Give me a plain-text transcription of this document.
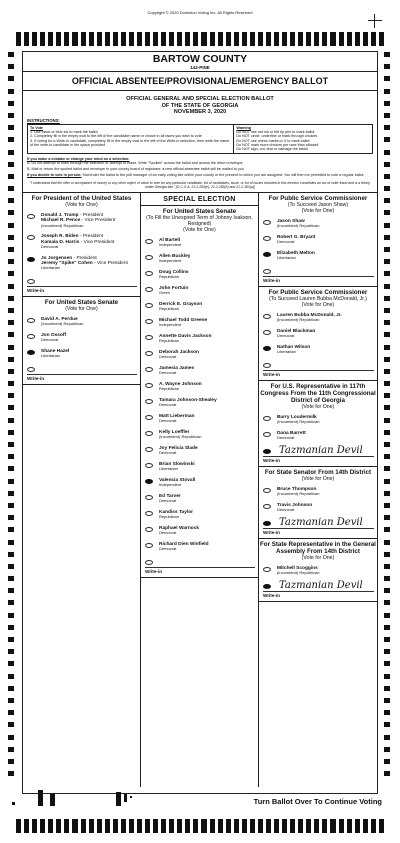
Copyright © 2020 Dominion Voting Inc. All Rights Reserved
BARTOW COUNTY
142-PINE
OFFICIAL ABSENTEE/PROVISIONAL/EMERGENCY BALLOT
OFFICIAL GENERAL AND SPECIAL ELECTION BALLOT
OF THE STATE OF GEORGIA
NOVEMBER 3, 2020
INSTRUCTIONS:
To Vote
1. Use black or blue ink to mark the ballot
2. Completely fill in the empty oval to the left of the candidate name or choice in all races you wish to vote
3. If voting for a Write-in candidate, completely fill in the empty oval to the left of the Write-in selection, then write the name of the write-in candidate in the space provided
Warning
Do NOT use red ink or felt tip pen to mark ballot
Do NOT circle, underline or mark through choices
Do NOT use check marks or X to mark ballot
Do NOT mark more choices per race than allowed
Do NOT sign, cut, tear or damage the ballot
If you make a mistake or change your mind on a selection:
A. Do not attempt to mark through the selection or attempt to erase. Write "Spoiled" across the ballot and across the return envelope
B. Mail or return the spoiled ballot and envelope to your county board of registrars; a new official absentee ballot will be mailed to you
If you decide to vote in person: Surrender the ballot to the poll manager of an early voting site within your county or the precinct to which you are assigned. You will then be permitted to vote a regular ballot
"I understand that the offer or acceptance of money or any other object of value to vote for any particular candidate, list of candidates, issue, or list of issues included in this election constitutes an act of voter fraud and is a felony under Georgia law." [O.C.G.A. 21-2-284(e), 21-2-285(h) and 21-2-383(a)]
For President of the United States
(Vote for One)
Donald J. Trump - President
Michael R. Pence - Vice President
(Incumbent) Republican
Joseph R. Biden - President
Kamala D. Harris - Vice President
Democrat
Jo Jorgensen - President
Jeremy "Spike" Cohen - Vice President
Libertarian
Write-in
For United States Senate
(Vote for One)
David A. Perdue
(Incumbent) Republican
Jon Ossoff
Democrat
Shane Hazel
Libertarian
Write-in
SPECIAL ELECTION
For United States Senate
(To Fill the Unexpired Term of Johnny Isakson, Resigned)
(Vote for One)
Al Bartell
Independent
Allen Buckley
Independent
Doug Collins
Republican
John Fortuin
Green
Derrick E. Grayson
Republican
Michael Todd Greene
Independent
Annette Davis Jackson
Republican
Deborah Jackson
Democrat
Jamesia James
Democrat
A. Wayne Johnson
Republican
Tamara Johnson-Shealey
Democrat
Matt Lieberman
Democrat
Kelly Loeffler
(Incumbent) Republican
Joy Felicia Slade
Democrat
Brian Slowinski
Libertarian
Valencia Stovall
Independent
Ed Tarver
Democrat
Kandiss Taylor
Republican
Raphael Warnock
Democrat
Richard Dien Winfield
Democrat
Write-in
For Public Service Commissioner
(To Succeed Jason Shaw)
(Vote for One)
Jason Shaw
(Incumbent) Republican
Robert G. Bryant
Democrat
Elizabeth Melton
Libertarian
Write-in
For Public Service Commissioner
(To Succeed Lauren Bubba McDonald, Jr.)
(Vote for One)
Lauren Bubba McDonald, Jr.
(Incumbent) Republican
Daniel Blackman
Democrat
Nathan Wilson
Libertarian
Write-in
For U.S. Representative in 117th Congress From the 11th Congressional District of Georgia
(Vote for One)
Barry Loudermilk
(Incumbent) Republican
Dana Barrett
Democrat
Tazmanian Devil
Write-in
For State Senator From 14th District
(Vote for One)
Bruce Thompson
(Incumbent) Republican
Travis Johnson
Democrat
Tazmanian Devil
Write-in
For State Representative in the General Assembly From 14th District
(Vote for One)
Mitchell Scoggins
(Incumbent) Republican
Tazmanian Devil
Write-in
Turn Ballot Over To Continue Voting
